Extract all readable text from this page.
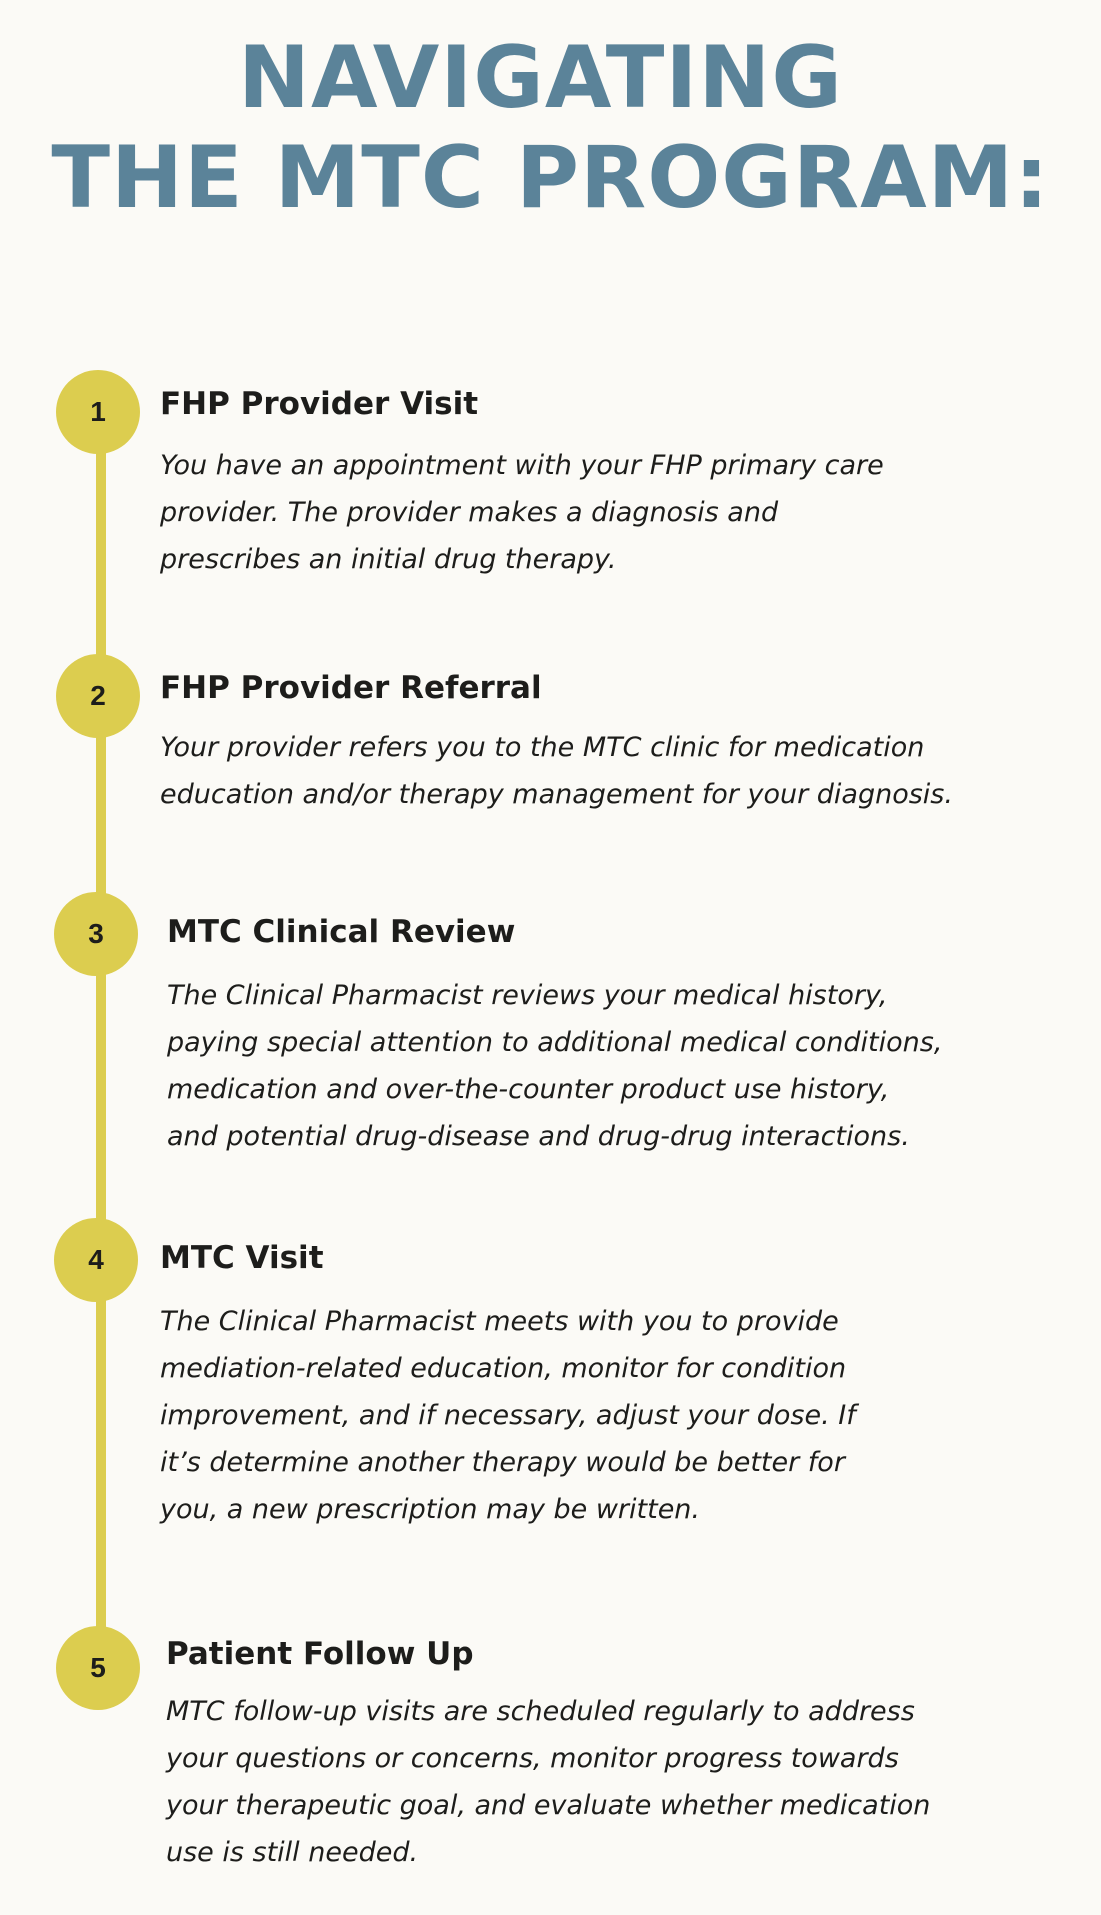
NAVIGATING
THE MTC PROGRAM:
1	FHP Provider Visit

You have an appointment with your FHP primary care
provider. The provider makes a diagnosis and
prescribes an initial drug therapy.

2	FHP Provider Referral

Your provider refers you to the MTC clinic for medication
education and/or therapy management for your diagnosis.

3	MTC Clinical Review

The Clinical Pharmacist reviews your medical history,
paying special attention to additional medical conditions,
medication and over-the-counter product use history,
and potential drug-disease and drug-drug interactions.

4	MTC Visit

The Clinical Pharmacist meets with you to provide
mediation-related education, monitor for condition
improvement, and if necessary, adjust your dose. If
it’s determine another therapy would be better for
you, a new prescription may be written.

5	Patient Follow Up

MTC follow-up visits are scheduled regularly to address
your questions or concerns, monitor progress towards
your therapeutic goal, and evaluate whether medication
use is still needed.
